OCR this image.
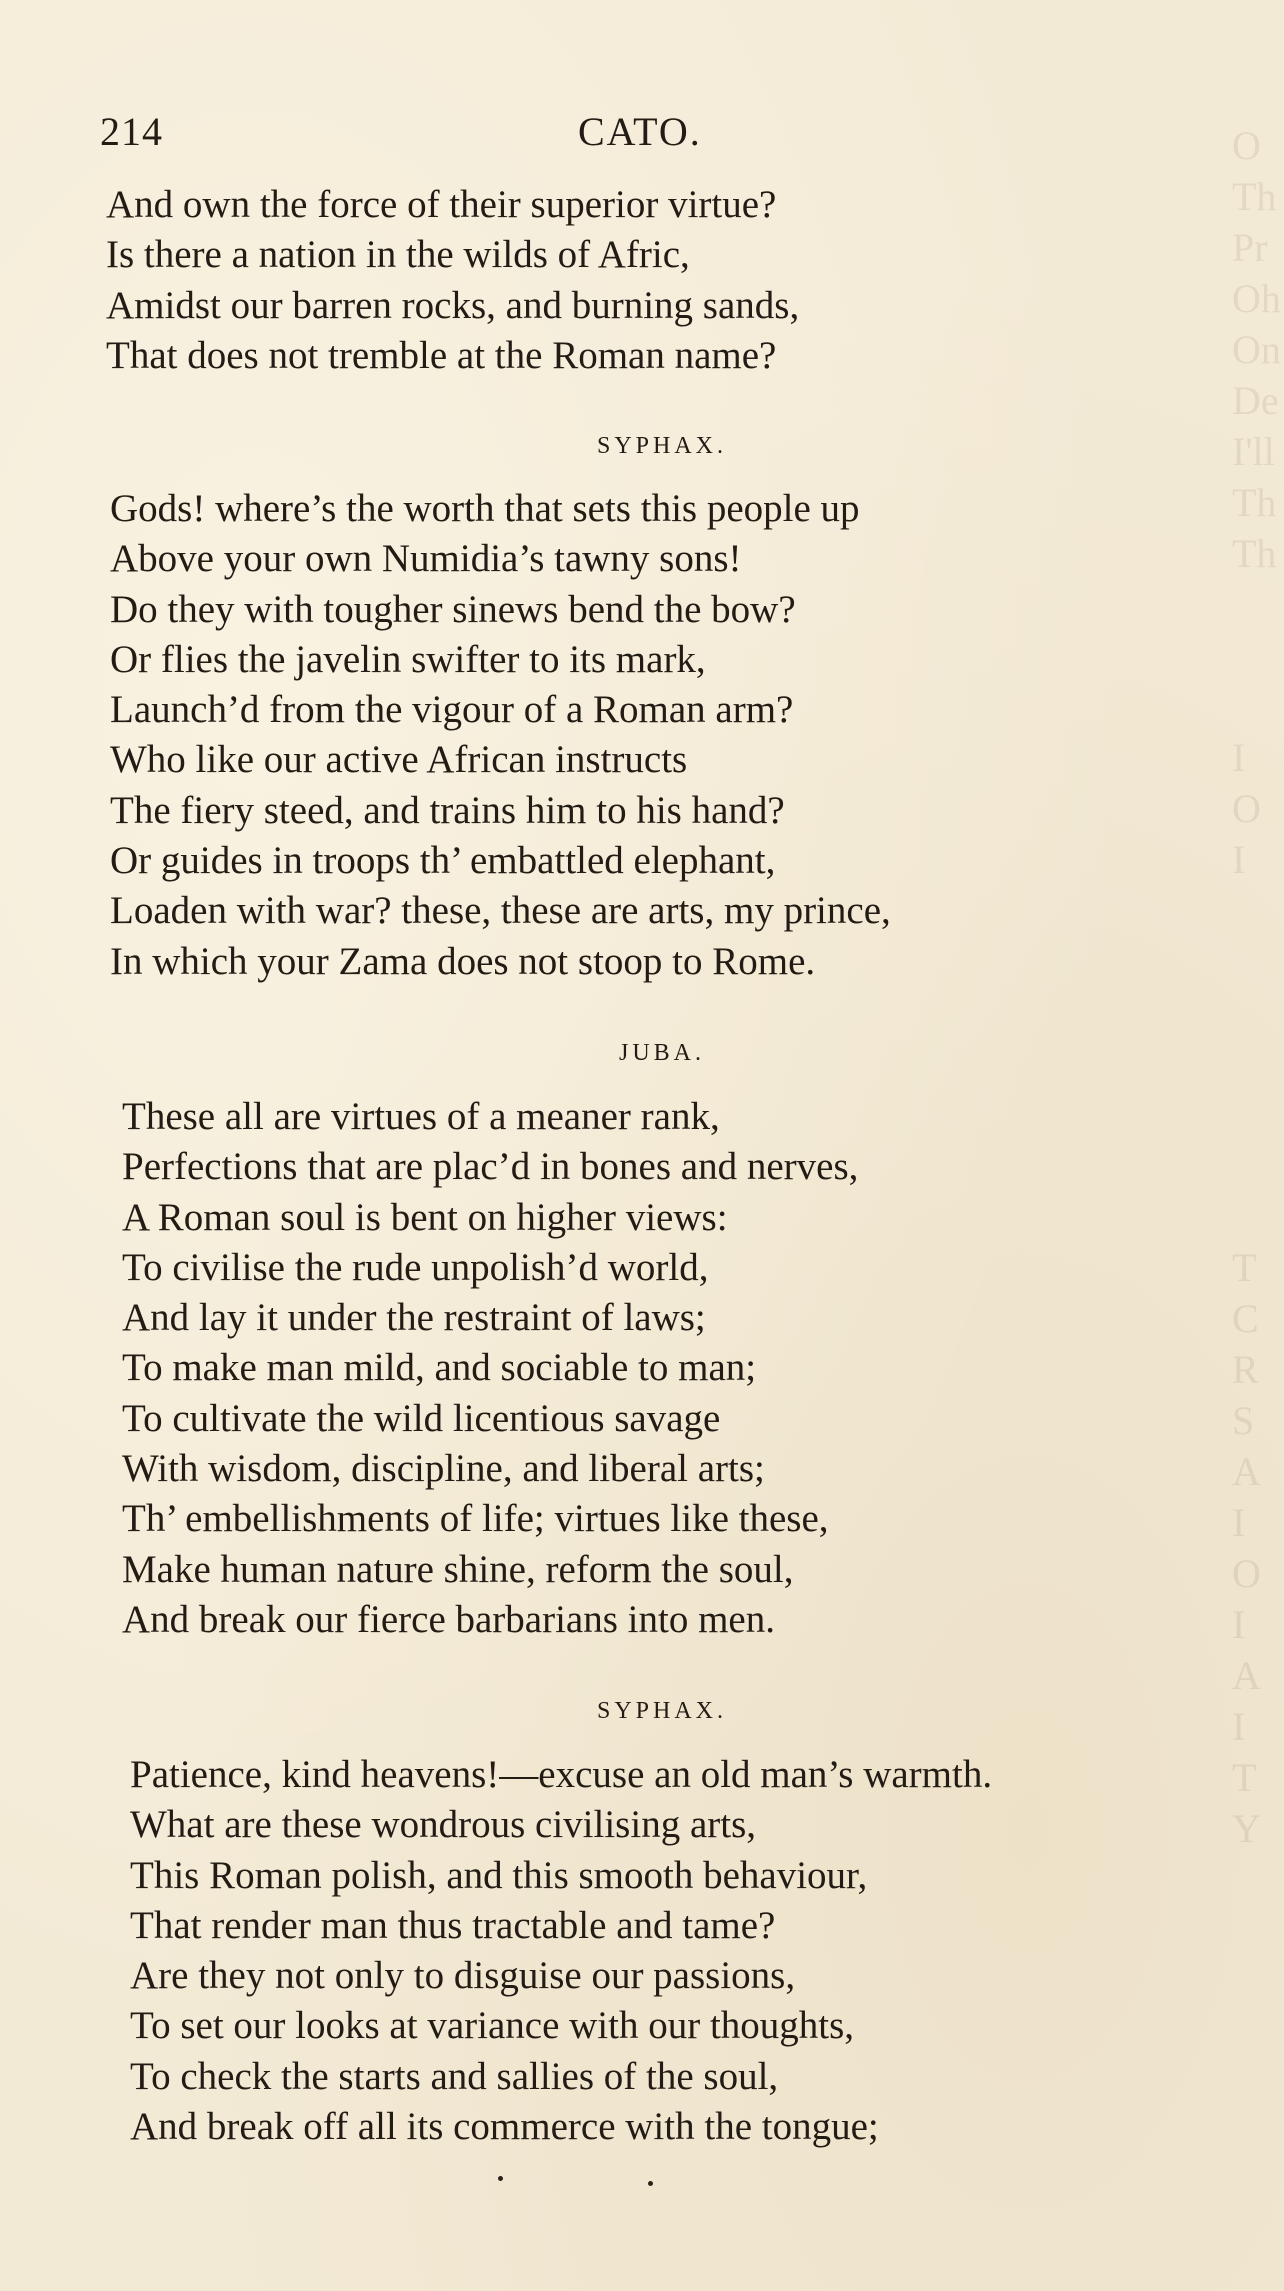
O
Th
Pr
Oh
On
De
I'll
Th
Th

I
O
I

T
C
R
S
A
I
O
I
A
I
T
Y

214	CATO.
And own the force of their superior virtue?
Is there a nation in the wilds of Afric,
Amidst our barren rocks, and burning sands,
That does not tremble at the Roman name?
SYPHAX.
Gods! where’s the worth that sets this people up
Above your own Numidia’s tawny sons!
Do they with tougher sinews bend the bow?
Or flies the javelin swifter to its mark,
Launch’d from the vigour of a Roman arm?
Who like our active African instructs
The fiery steed, and trains him to his hand?
Or guides in troops th’ embattled elephant,
Loaden with war? these, these are arts, my prince,
In which your Zama does not stoop to Rome.
JUBA.
These all are virtues of a meaner rank,
Perfections that are plac’d in bones and nerves,
A Roman soul is bent on higher views:
To civilise the rude unpolish’d world,
And lay it under the restraint of laws;
To make man mild, and sociable to man;
To cultivate the wild licentious savage
With wisdom, discipline, and liberal arts;
Th’ embellishments of life; virtues like these,
Make human nature shine, reform the soul,
And break our fierce barbarians into men.
SYPHAX.
Patience, kind heavens!—excuse an old man’s warmth.
What are these wondrous civilising arts,
This Roman polish, and this smooth behaviour,
That render man thus tractable and tame?
Are they not only to disguise our passions,
To set our looks at variance with our thoughts,
To check the starts and sallies of the soul,
And break off all its commerce with the tongue;
